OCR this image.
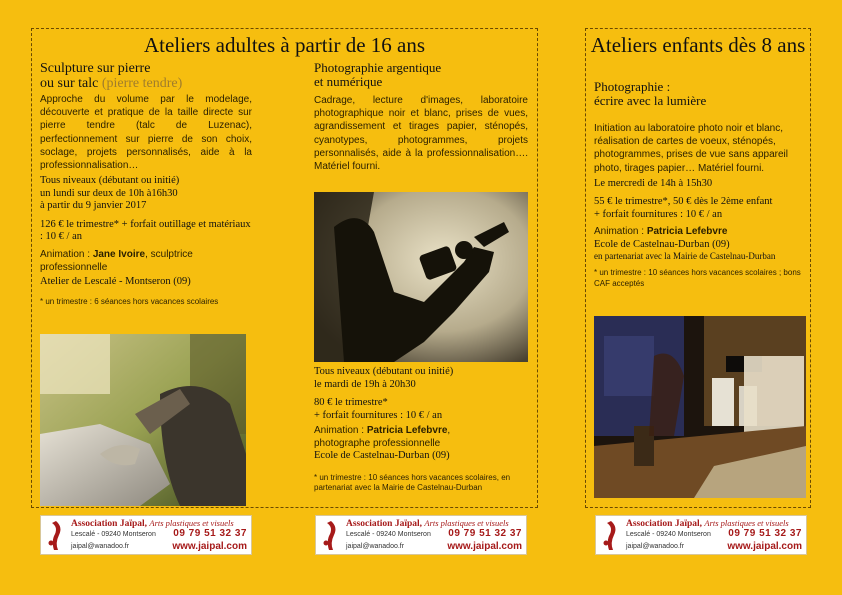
Ateliers adultes à partir de 16 ans	Ateliers enfants dès 8 ans

Sculpture sur pierre
ou sur talc (pierre tendre)

Approche du volume par le modelage, découverte et pratique de la taille directe sur pierre tendre (talc de Luzenac), perfectionnement sur pierre de son choix, soclage, projets personnalisés, aide à la professionnalisation…

Tous niveaux (débutant ou initié)

un lundi sur deux de 10h à16h30

à partir du 9 janvier 2017

126 € le trimestre* + forfait outillage et matériaux : 10 € / an

Animation : Jane Ivoire, sculptrice professionnelle

Atelier de Lescalé - Montseron (09)

* un trimestre : 6 séances hors vacances scolaires

Photographie argentique
et numérique

Cadrage, lecture d'images, laboratoire photographique noir et blanc, prises de vues, agrandissement et tirages papier, sténopés, cyanotypes, photogrammes, projets personnalisés, aide à la professionnalisation…. Matériel fourni.

Tous niveaux (débutant ou initié)

le mardi de 19h à 20h30

80 € le trimestre*

+ forfait fournitures : 10 € / an

Animation : Patricia Lefebvre,

photographe professionnelle

Ecole de Castelnau-Durban (09)

* un trimestre : 10 séances hors vacances scolaires, en partenariat avec la Mairie de Castelnau-Durban

Photographie :
écrire avec la lumière

Initiation au laboratoire photo noir et blanc, réalisation de cartes de voeux, sténopés, photogrammes, prises de vue sans appareil photo, tirages papier… Matériel fourni.

Le mercredi de 14h à 15h30

55 € le trimestre*, 50 € dès le 2ème enfant

+ forfait fournitures : 10 € / an

Animation : Patricia Lefebvre

Ecole de Castelnau-Durban (09)

en partenariat avec la Mairie de Castelnau-Durban

* un trimestre : 10 séances hors vacances scolaires ; bons CAF acceptés

Association Jaïpal, Arts plastiques et visuels
Lescalé - 09240 Montseron 09 79 51 32 37
jaipal@wanadoo.fr	www.jaipal.com
Association Jaïpal, Arts plastiques et visuels
Lescalé - 09240 Montseron 09 79 51 32 37
jaipal@wanadoo.fr	www.jaipal.com
Association Jaïpal, Arts plastiques et visuels
Lescalé - 09240 Montseron 09 79 51 32 37
jaipal@wanadoo.fr	www.jaipal.com
